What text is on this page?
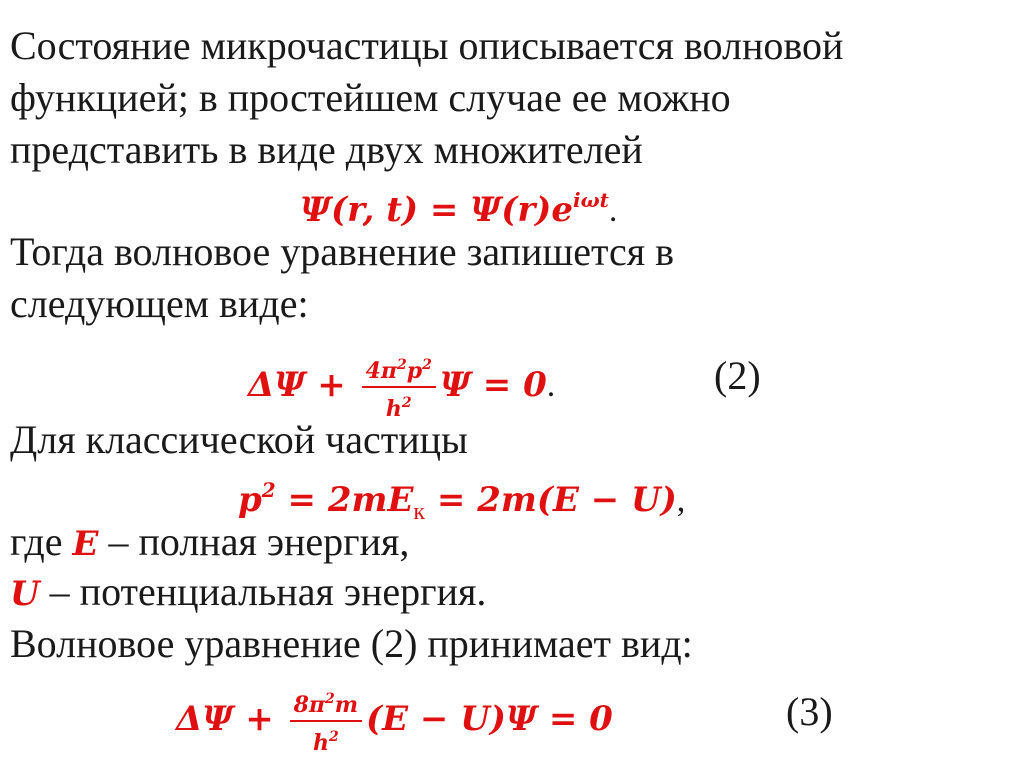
Состояние микрочастицы описывается волновой
функцией; в простейшем случае ее можно
представить в виде двух множителей
Ψ(r, $t) = \Psi(r)e^{i\omega t}$.
Тогда волновое уравнение запишется в
следующем виде:
$\Delta\Psi + \frac{4\pi^2p^2}{h^2}$ Ψ = 0.	(2)
Для классической частицы
$p^2 = 2mE_к = 2m(E - U)$,
где E – полная энергия,
U – потенциальная энергия.
Волновое уравнение (2) принимает вид:
$\Delta\Psi + \frac{8\pi^2m}{h^2} (E - U)\Psi = 0$	(3)
